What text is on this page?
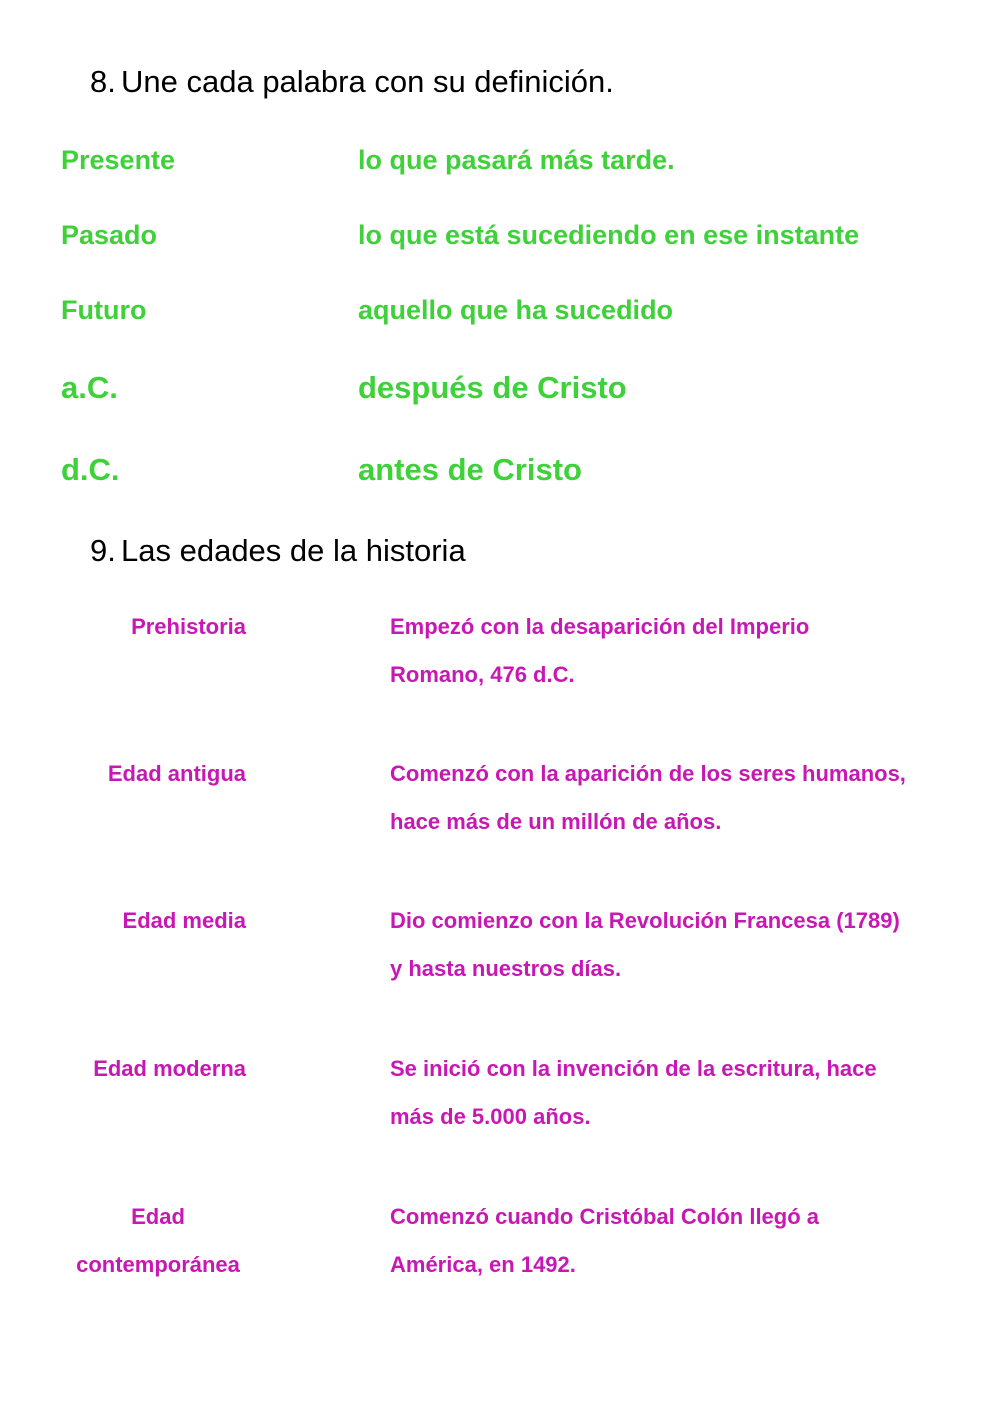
8. Une cada palabra con su definición.
Presente
Pasado
Futuro
a.C.
d.C.
lo que pasará más tarde.
lo que está sucediendo en ese instante
aquello que ha sucedido
después de Cristo
antes de Cristo
9. Las edades de la historia
Prehistoria
Edad antigua
Edad media
Edad moderna
Edad
contemporánea
Empezó con la desaparición del Imperio
Romano, 476 d.C.
Comenzó con la aparición de los seres humanos,
hace más de un millón de años.
Dio comienzo con la Revolución Francesa (1789)
y hasta nuestros días.
Se inició con la invención de la escritura, hace
más de 5.000 años.
Comenzó cuando Cristóbal Colón llegó a
América, en 1492.
